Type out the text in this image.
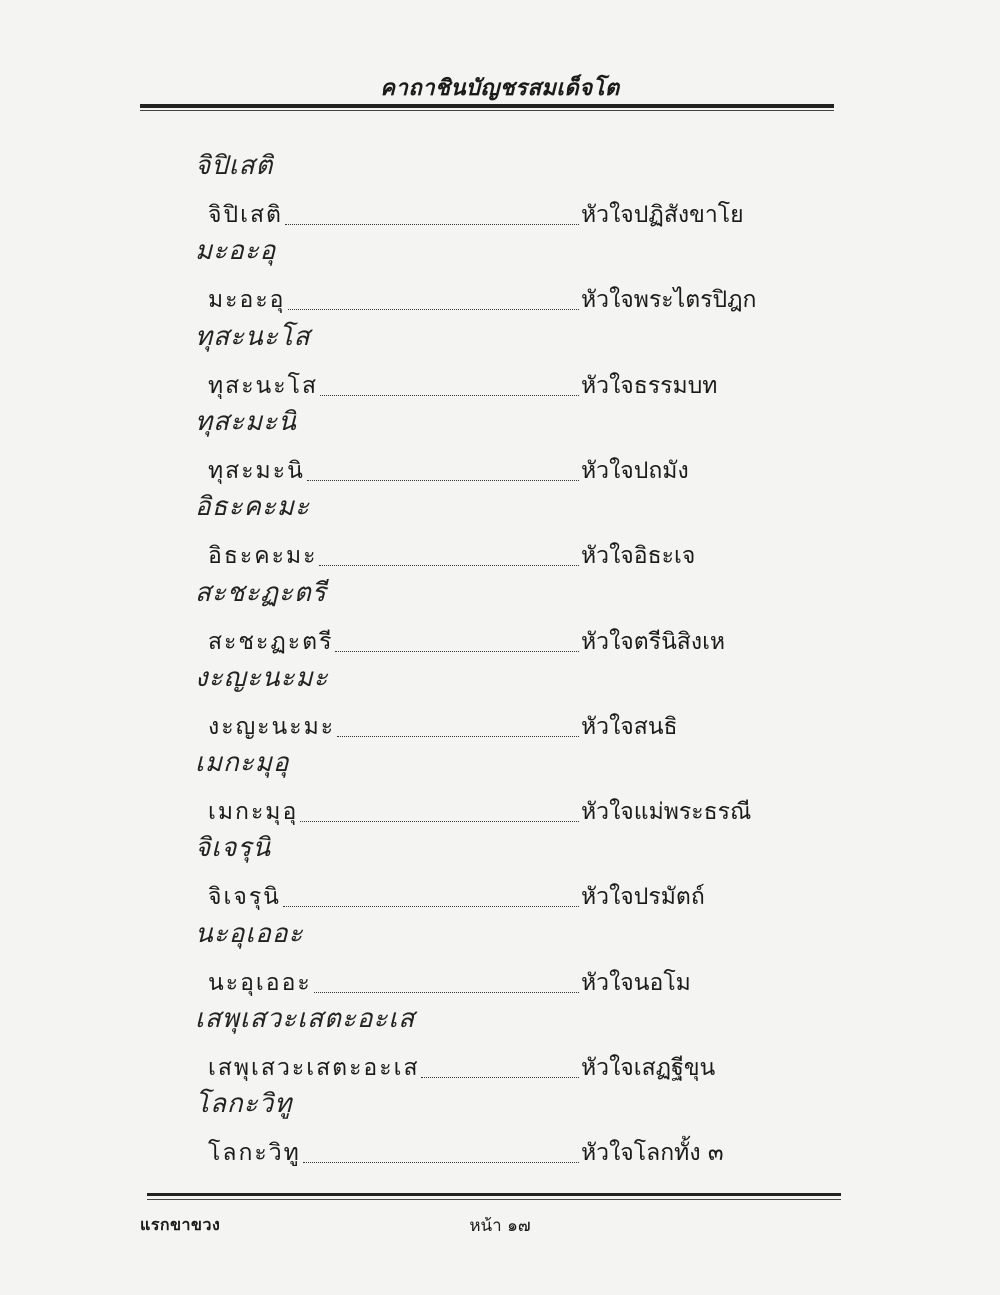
คาถาชินบัญชรสมเด็จโต
จิปิเสติ
จิปิเสติ	หัวใจปฏิสังขาโย
มะอะอุ
มะอะอุ	หัวใจพระไตรปิฎก
ทุสะนะโส
ทุสะนะโส	หัวใจธรรมบท
ทุสะมะนิ
ทุสะมะนิ	หัวใจปถมัง
อิธะคะมะ
อิธะคะมะ	หัวใจอิธะเจ
สะชะฏะตรี
สะชะฏะตรี	หัวใจตรีนิสิงเห
งะญะนะมะ
งะญะนะมะ	หัวใจสนธิ
เมกะมุอุ
เมกะมุอุ	หัวใจแม่พระธรณี
จิเจรุนิ
จิเจรุนิ	หัวใจปรมัตถ์
นะอุเออะ
นะอุเออะ	หัวใจนอโม
เสพุเสวะเสตะอะเส
เสพุเสวะเสตะอะเส	หัวใจเสฏฐีขุน
โลกะวิทู
โลกะวิทู	หัวใจโลกทั้ง ๓
แรกขาขวง	หน้า ๑๗
